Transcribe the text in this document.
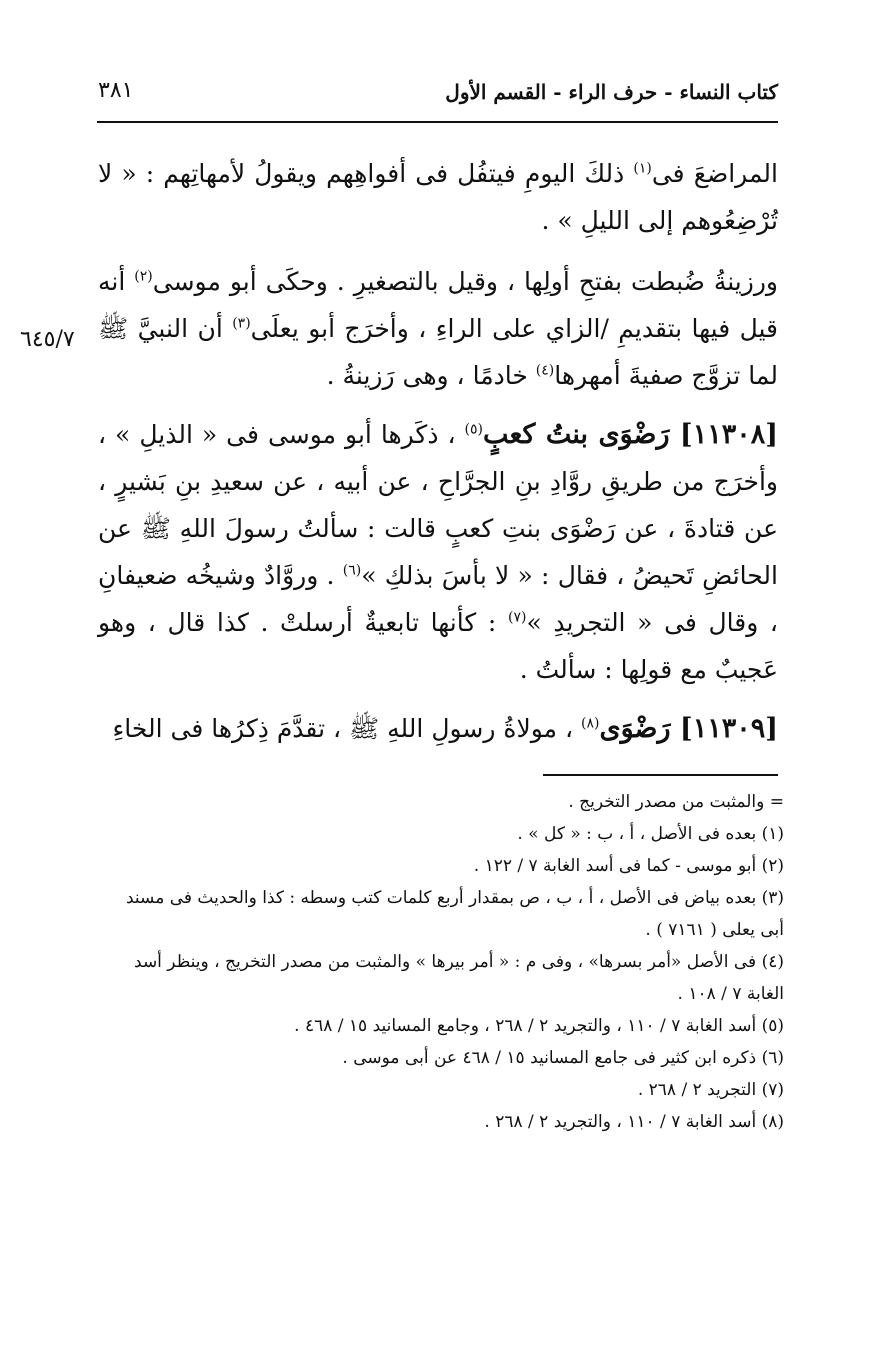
كتاب النساء - حرف الراء - القسم الأول
٣٨١
٦٤٥/٧

المراضعَ فى$^{(١)}$ ذلكَ اليومِ فيتفُل فى أفواهِهم ويقولُ لأمهاتِهم : « لا تُرْضِعُوهم إلى الليلِ » .

ورزينةُ ضُبطت بفتحِ أولِها ، وقيل بالتصغيرِ . وحكَى أبو موسى$^{(٢)}$ أنه قيل فيها بتقديمِ /الزاي على الراءِ ، وأخرَج أبو يعلَى$^{(٣)}$ أن النبيَّ ﷺ لما تزوَّج صفيةَ أمهرها$^{(٤)}$ خادمًا ، وهى رَزينةُ .

[١١٣٠٨] رَضْوَى بنتُ كعبٍ$^{(٥)}$ ، ذكَرها أبو موسى فى « الذيلِ » ، وأخرَج من طريقِ روَّادِ بنِ الجرَّاحِ ، عن أبيه ، عن سعيدِ بنِ بَشيرٍ ، عن قتادةَ ، عن رَضْوَى بنتِ كعبٍ قالت : سألتُ رسولَ اللهِ ﷺ عن الحائضِ تَحيضُ ، فقال : « لا بأسَ بذلكِ »$^{(٦)}$ . وروَّادٌ وشيخُه ضعيفانِ ، وقال فى « التجريدِ »$^{(٧)}$ : كأنها تابعيةٌ أرسلتْ . كذا قال ، وهو عَجيبٌ مع قولِها : سألتُ .

[١١٣٠٩] رَضْوَى$^{(٨)}$ ، مولاةُ رسولِ اللهِ ﷺ ، تقدَّمَ ذِكرُها فى الخاءِ

= والمثبت من مصدر التخريج .

(١) بعده فى الأصل ، أ ، ب : « كل » .

(٢) أبو موسى - كما فى أسد الغابة ٧ / ١٢٢ .

(٣) بعده بياض فى الأصل ، أ ، ب ، ص بمقدار أربع كلمات كتب وسطه : كذا والحديث فى مسند أبى يعلى ( ٧١٦١ ) .

(٤) فى الأصل «أمر بسرها» ، وفى م : « أمر بيرها » والمثبت من مصدر التخريج ، وينظر أسد الغابة ٧ / ١٠٨ .

(٥) أسد الغابة ٧ / ١١٠ ، والتجريد ٢ / ٢٦٨ ، وجامع المسانيد ١٥ / ٤٦٨ .

(٦) ذكره ابن كثير فى جامع المسانيد ١٥ / ٤٦٨ عن أبى موسى .

(٧) التجريد ٢ / ٢٦٨ .

(٨) أسد الغابة ٧ / ١١٠ ، والتجريد ٢ / ٢٦٨ .
